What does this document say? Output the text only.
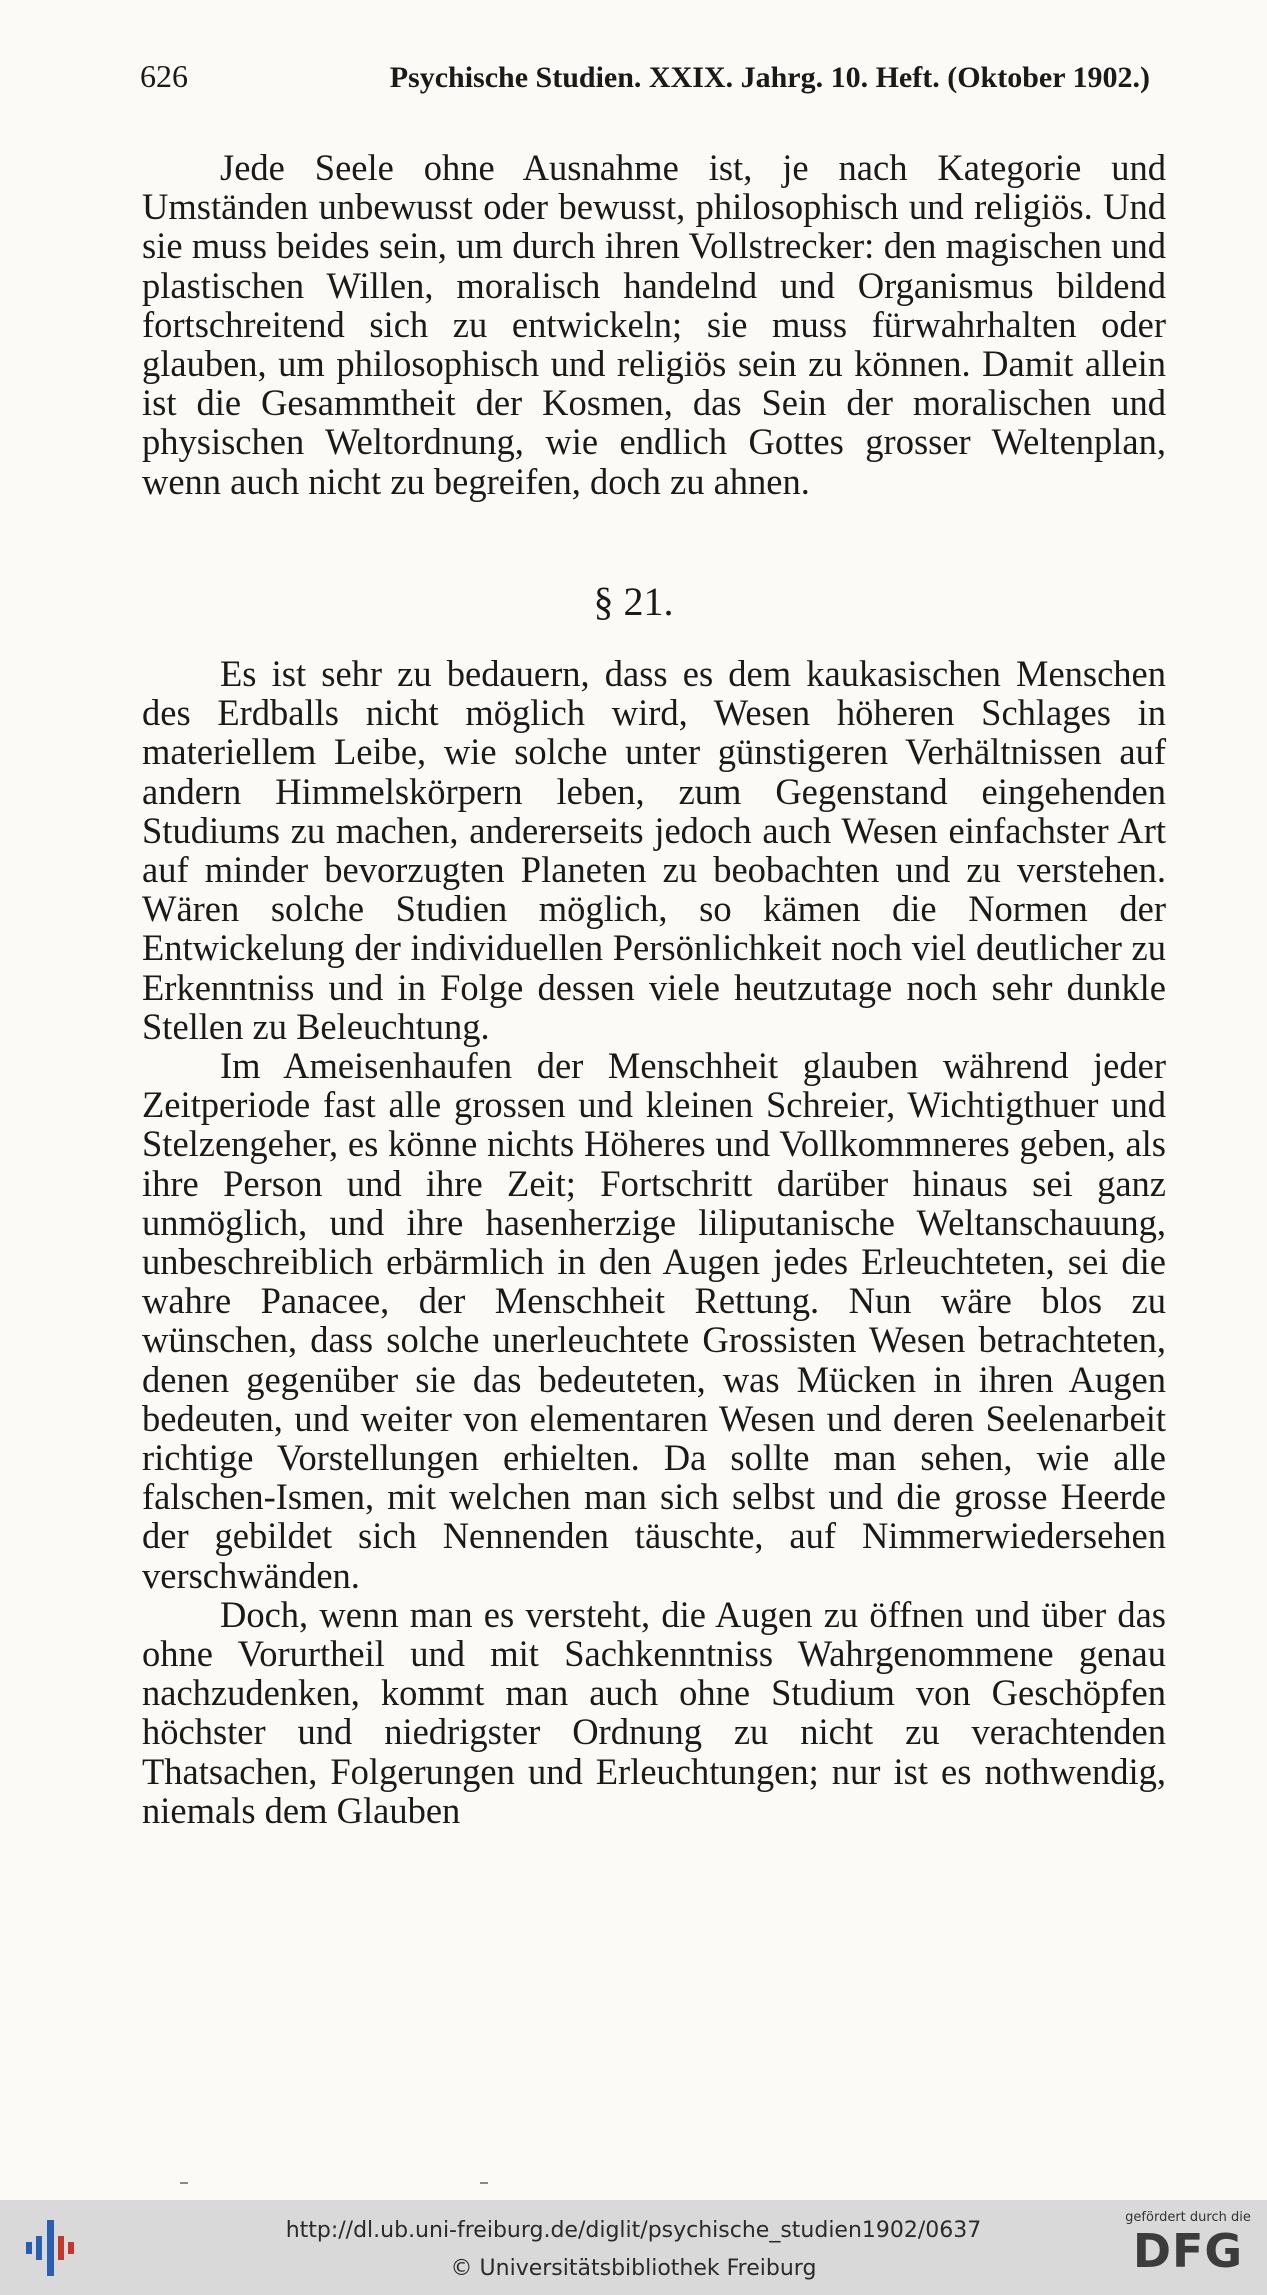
626	Psychische Studien. XXIX. Jahrg. 10. Heft. (Oktober 1902.)

Jede Seele ohne Ausnahme ist, je nach Kategorie und Umständen unbewusst oder bewusst, philosophisch und religiös. Und sie muss beides sein, um durch ihren Vollstrecker: den magischen und plastischen Willen, moralisch handelnd und Organismus bildend fortschreitend sich zu entwickeln; sie muss fürwahrhalten oder glauben, um philosophisch und religiös sein zu können. Damit allein ist die Gesammtheit der Kosmen, das Sein der moralischen und physischen Weltordnung, wie endlich Gottes grosser Weltenplan, wenn auch nicht zu begreifen, doch zu ahnen.

§ 21.

Es ist sehr zu bedauern, dass es dem kaukasischen Menschen des Erdballs nicht möglich wird, Wesen höheren Schlages in materiellem Leibe, wie solche unter günstigeren Verhältnissen auf andern Himmelskörpern leben, zum Gegenstand eingehenden Studiums zu machen, andererseits jedoch auch Wesen einfachster Art auf minder bevorzugten Planeten zu beobachten und zu verstehen. Wären solche Studien möglich, so kämen die Normen der Entwickelung der individuellen Persönlichkeit noch viel deutlicher zu Erkenntniss und in Folge dessen viele heutzutage noch sehr dunkle Stellen zu Beleuchtung.

Im Ameisenhaufen der Menschheit glauben während jeder Zeitperiode fast alle grossen und kleinen Schreier, Wichtigthuer und Stelzengeher, es könne nichts Höheres und Vollkommneres geben, als ihre Person und ihre Zeit; Fortschritt darüber hinaus sei ganz unmöglich, und ihre hasenherzige liliputanische Weltanschauung, unbeschreiblich erbärmlich in den Augen jedes Erleuchteten, sei die wahre Panacee, der Menschheit Rettung. Nun wäre blos zu wünschen, dass solche unerleuchtete Grossisten Wesen betrachteten, denen gegenüber sie das bedeuteten, was Mücken in ihren Augen bedeuten, und weiter von elementaren Wesen und deren Seelenarbeit richtige Vorstellungen erhielten. Da sollte man sehen, wie alle falschen-Ismen, mit welchen man sich selbst und die grosse Heerde der gebildet sich Nennenden täuschte, auf Nimmerwiedersehen verschwänden.

Doch, wenn man es versteht, die Augen zu öffnen und über das ohne Vorurtheil und mit Sachkenntniss Wahrgenommene genau nachzudenken, kommt man auch ohne Studium von Geschöpfen höchster und niedrigster Ordnung zu nicht zu verachtenden Thatsachen, Folgerungen und Erleuchtungen; nur ist es nothwendig, niemals dem Glauben

http://dl.ub.uni-freiburg.de/diglit/psychische_studien1902/0637
© Universitätsbibliothek Freiburg
gefördert durch die
DFG
